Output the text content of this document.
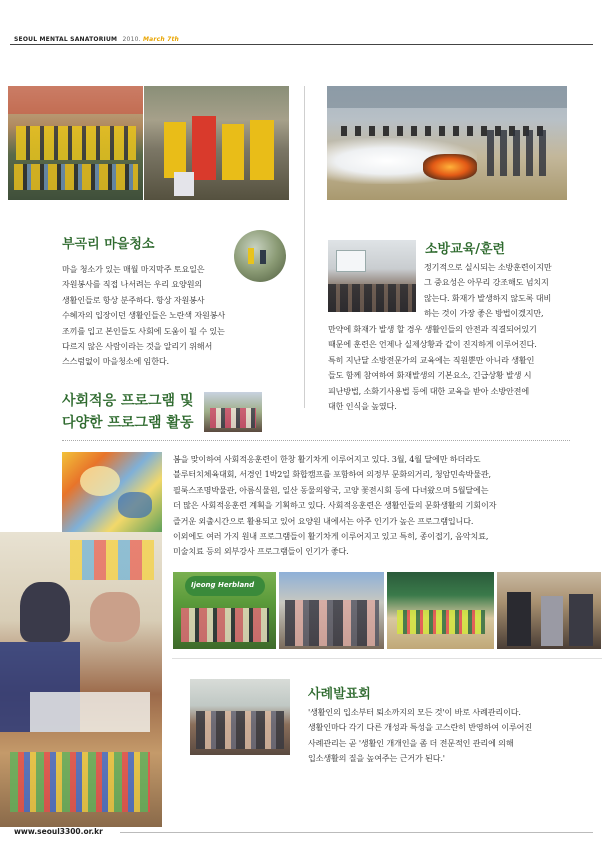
SEOUL MENTAL SANATORIUM 2010. March 7th
부곡리 마을청소
마을 청소가 있는 매월 마지막주 토요일은
자원봉사를 직접 나서려는 우리 요양원의
생활인들로 항상 분주하다. 항상 자원봉사
수혜자의 입장이던 생활인들은 노란색 자원봉사
조끼를 입고 본인들도 사회에 도움이 될 수 있는
다르지 않은 사람이라는 것을 알리기 위해서
스스럼없이 마을청소에 임한다.
소방교육/훈련
정기적으로 실시되는 소방훈련이지만
그 중요성은 아무리 강조해도 넘치지
않는다. 화재가 발생하지 않도록 대비
하는 것이 가장 좋은 방법이겠지만,
만약에 화재가 발생 할 경우 생활인들의 안전과 직결되어있기
때문에 훈련은 언제나 실제상황과 같이 진지하게 이루어진다.
특히 지난달 소방전문가의 교육에는 직원뿐만 아니라 생활인
들도 함께 참여하여 화재발생의 기본요소, 긴급상황 발생 시
피난방법, 소화기사용법 등에 대한 교육을 받아 소방안전에
대한 인식을 높였다.
사회적응 프로그램 및
다양한 프로그램 활동
봄을 맞이하여 사회적응훈련이 한창 활기차게 이루어지고 있다. 3월, 4월 달에만 하더라도
블루터치체육대회, 서경인 1박2일 화합캠프를 포함하여 의정부 문화의거리, 청암민속박물관,
필룩스조명박물관, 아름식물원, 일산 동물의왕국, 고양 꽃전시회 등에 다녀왔으며 5월달에는
더 많은 사회적응훈련 계획을 기획하고 있다. 사회적응훈련은 생활인들의 문화생활의 기회이자
즐거운 외출시간으로 활용되고 있어 요양원 내에서는 아주 인기가 높은 프로그램입니다.
이외에도 여러 가지 원내 프로그램들이 활기차게 이루어지고 있고 특히, 종이접기, 음악치료,
미술치료 등의 외부강사 프로그램들이 인기가 좋다.
Ijeong Herbland
사례발표회
'생활인의 입소부터 퇴소까지의 모든 것'이 바로 사례관리이다.
생활인마다 각기 다른 개성과 특성을 고스란히 반영하여 이루어진
사례관리는 곧 '생활인 개개인을 좀 더 전문적인 관리에 의해
입소생활의 질을 높여주는 근거가 된다.'
www.seoul3300.or.kr
